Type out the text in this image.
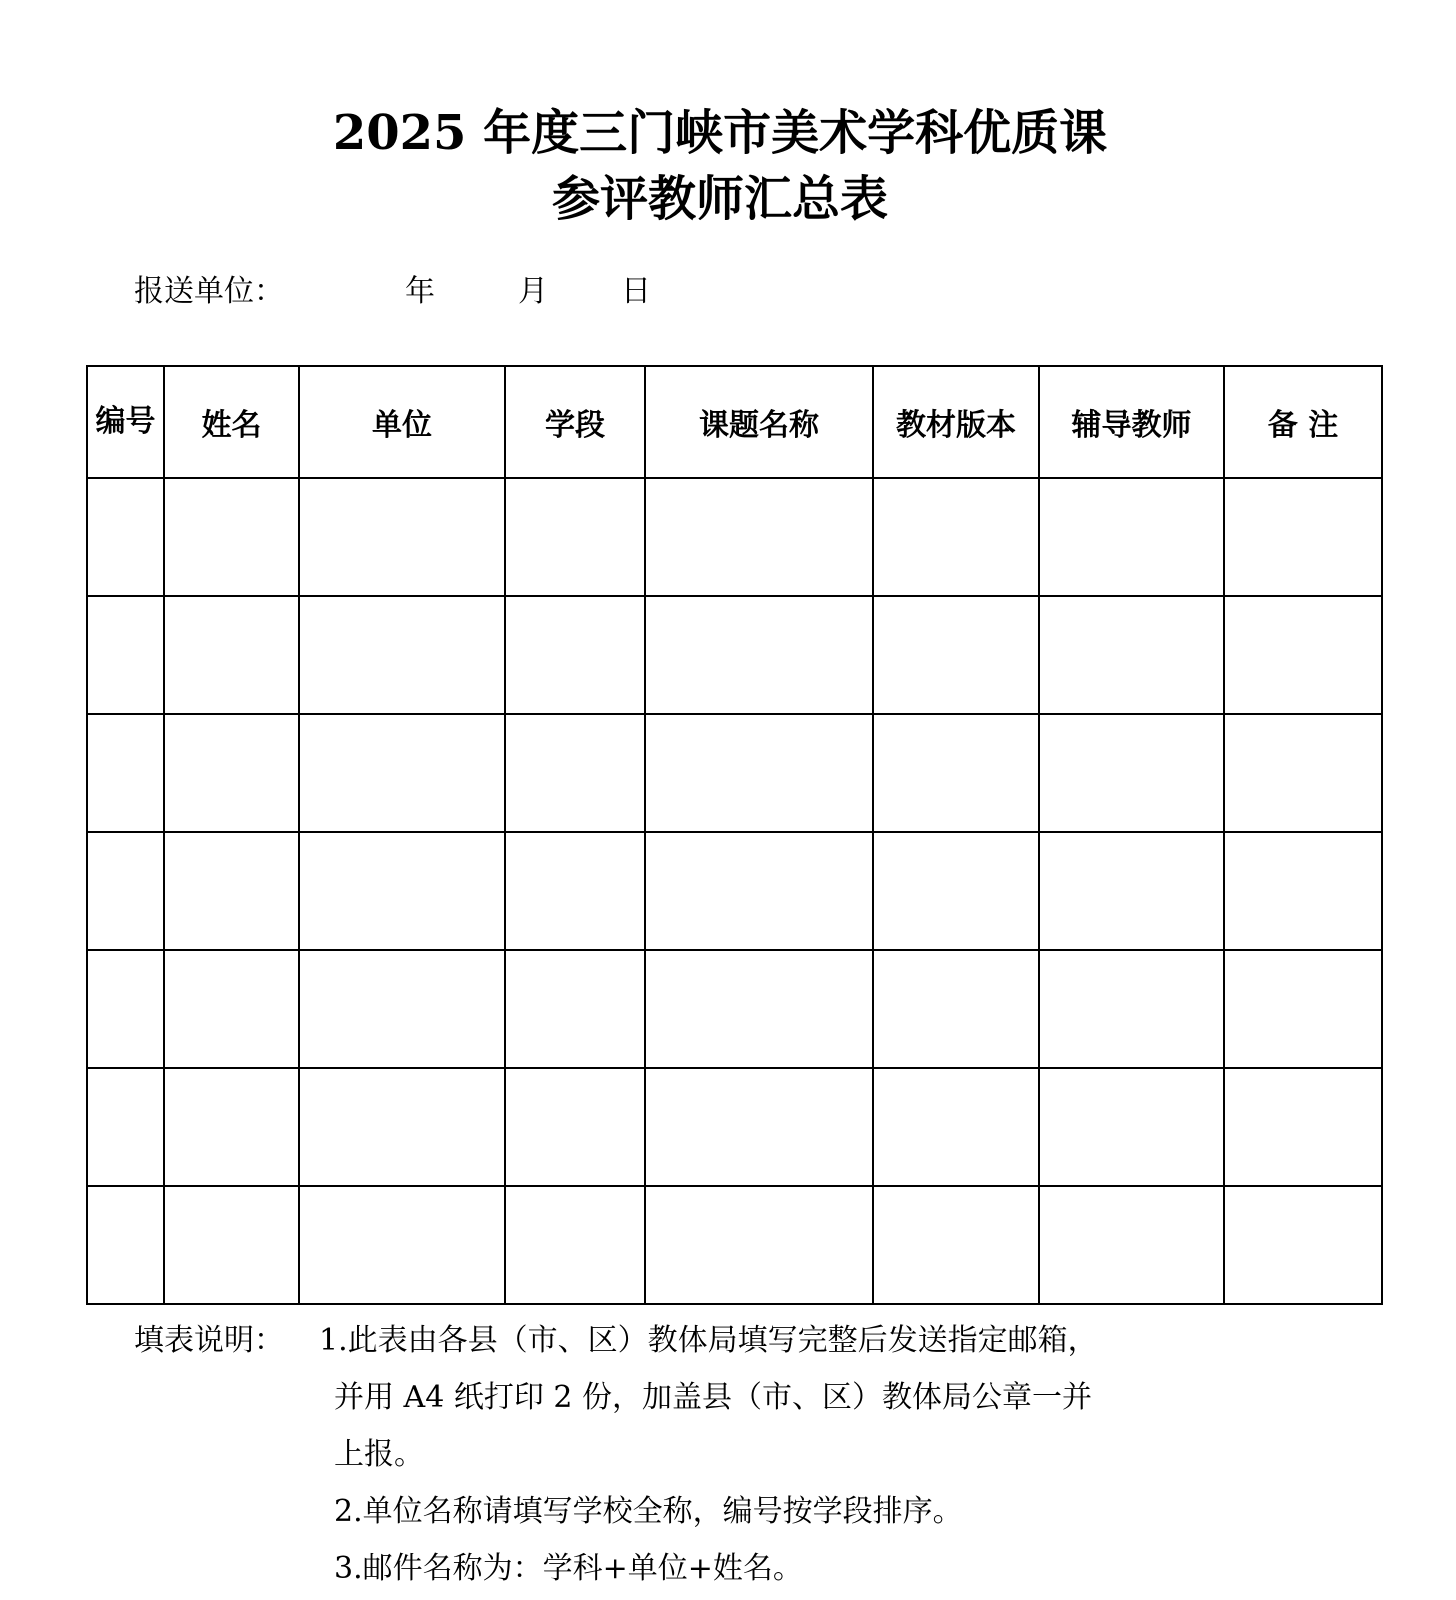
2025 年度三门峡市美术学科优质课
参评教师汇总表
报送单位：	年	月 日
编号	姓名	单位	学段	课题名称	教材版本	辅导教师	备 注

填表说明： 1.此表由各县（市、区）教体局填写完整后发送指定邮箱，
并用 A4 纸打印 2 份，加盖县（市、区）教体局公章一并
上报。
2.单位名称请填写学校全称，编号按学段排序。
3.邮件名称为：学科+单位+姓名。
